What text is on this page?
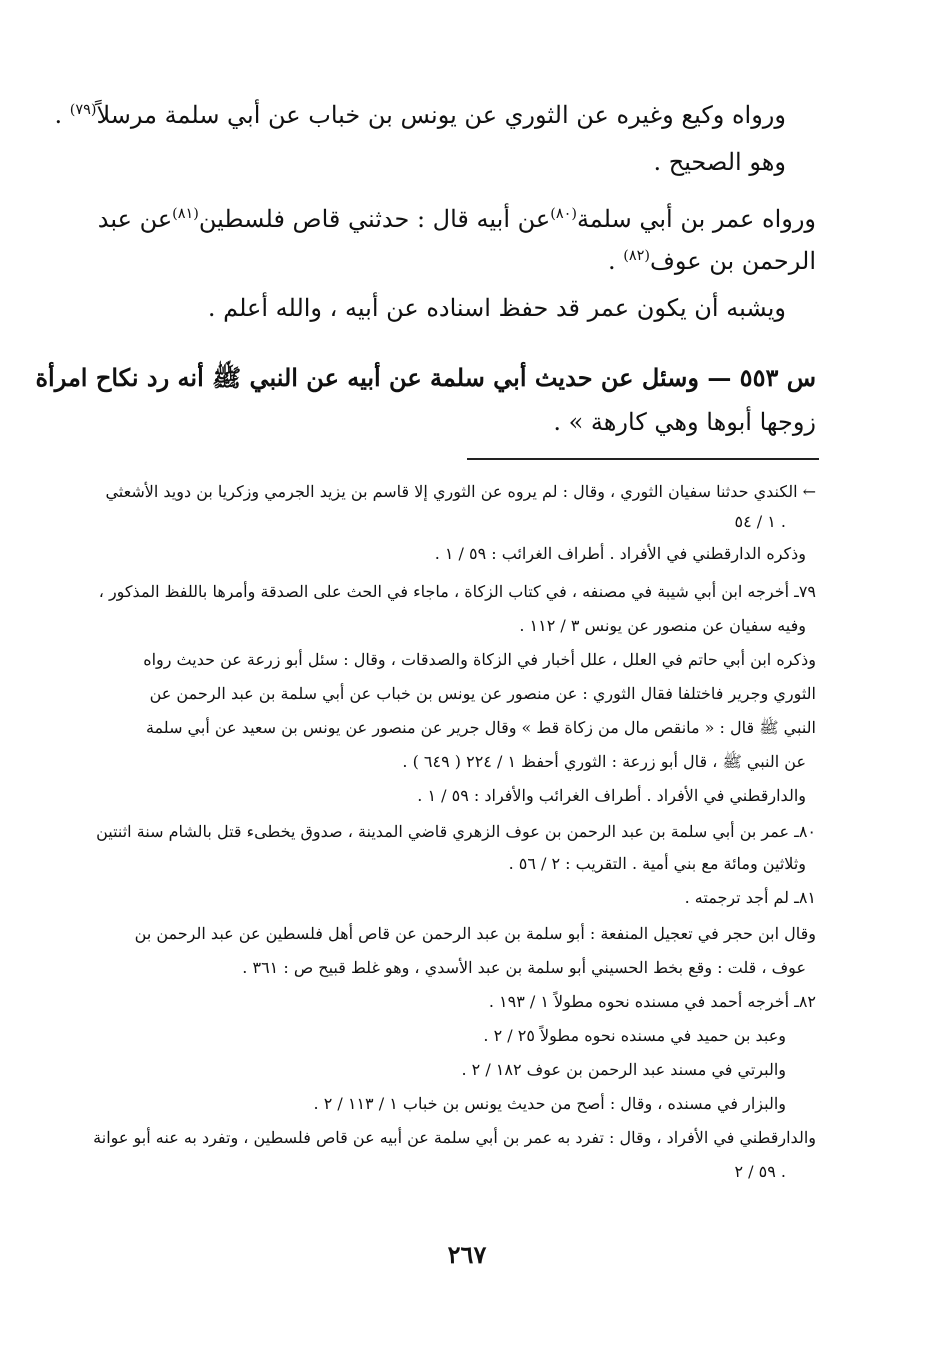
ورواه وكيع وغيره عن الثوري عن يونس بن خباب عن أبي سلمة مرسلاً$^{(٧٩)}$ .
وهو الصحيح .
ورواه عمر بن أبي سلمة$^{(٨٠)}$عن أبيه قال : حدثني قاص فلسطين$^{(٨١)}$عن عبد
الرحمن بن عوف$^{(٨٢)}$ .
ويشبه أن يكون عمر قد حفظ اسناده عن أبيه ، والله أعلم .
س ٥٥٣ — وسئل عن حديث أبي سلمة عن أبيه عن النبي ﷺ أنه رد نكاح امرأة
زوجها أبوها وهي كارهة » .
← الكندي حدثنا سفيان الثوري ، وقال : لم يروه عن الثوري إلا قاسم بن يزيد الجرمي وزكريا بن دويد الأشعثي
١ / ٥٤ .
وذكره الدارقطني في الأفراد . أطراف الغرائب : ٥٩ / ١ .
٧٩ـ أخرجه ابن أبي شيبة في مصنفه ، في كتاب الزكاة ، ماجاء في الحث على الصدقة وأمرها باللفظ المذكور ،
وفيه سفيان عن منصور عن يونس ٣ / ١١٢ .
وذكره ابن أبي حاتم في العلل ، علل أخبار في الزكاة والصدقات ، وقال : سئل أبو زرعة عن حديث رواه
الثوري وجرير فاختلفا فقال الثوري : عن منصور عن يونس بن خباب عن أبي سلمة بن عبد الرحمن عن
النبي ﷺ قال : « مانقص مال من زكاة قط » وقال جرير عن منصور عن يونس بن سعيد عن أبي سلمة
عن النبي ﷺ ، قال أبو زرعة : الثوري أحفظ ١ / ٢٢٤ ( ٦٤٩ ) .
والدارقطني في الأفراد . أطراف الغرائب والأفراد : ٥٩ / ١ .
٨٠ـ عمر بن أبي سلمة بن عبد الرحمن بن عوف الزهري قاضي المدينة ، صدوق يخطىء قتل بالشام سنة اثنتين
وثلاثين ومائة مع بني أمية . التقريب : ٢ / ٥٦ .
٨١ـ لم أجد ترجمته .
وقال ابن حجر في تعجيل المنفعة : أبو سلمة بن عبد الرحمن عن قاص أهل فلسطين عن عبد الرحمن بن
عوف ، قلت : وقع بخط الحسيني أبو سلمة بن عبد الأسدي ، وهو غلط قبيح ص : ٣٦١ .
٨٢ـ أخرجه أحمد في مسنده نحوه مطولاً ١ / ١٩٣ .
وعبد بن حميد في مسنده نحوه مطولاً ٢٥ / ٢ .
والبرتي في مسند عبد الرحمن بن عوف ١٨٢ / ٢ .
والبزار في مسنده ، وقال : أصح من حديث يونس بن خباب ١ / ١١٣ / ٢ .
والدارقطني في الأفراد ، وقال : تفرد به عمر بن أبي سلمة عن أبيه عن قاص فلسطين ، وتفرد به عنه أبو عوانة
٥٩ / ٢ .
٢٦٧
